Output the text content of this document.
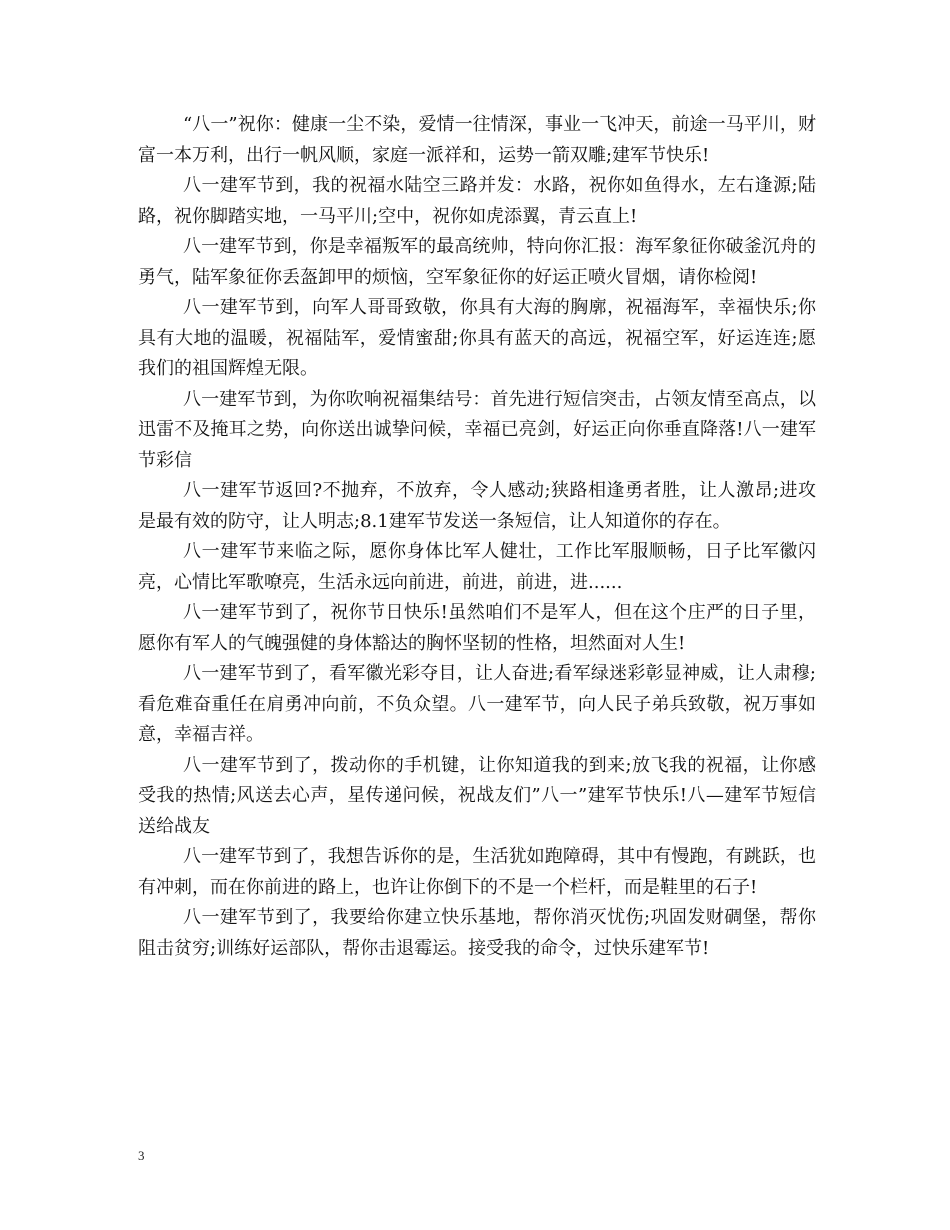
“八一”祝你：健康一尘不染，爱情一往情深，事业一飞冲天，前途一马平川，财富一本万利，出行一帆风顺，家庭一派祥和，运势一箭双雕;建军节快乐!

八一建军节到，我的祝福水陆空三路并发：水路，祝你如鱼得水，左右逢源;陆路，祝你脚踏实地，一马平川;空中，祝你如虎添翼，青云直上!

八一建军节到，你是幸福叛军的最高统帅，特向你汇报：海军象征你破釜沉舟的勇气，陆军象征你丢盔卸甲的烦恼，空军象征你的好运正喷火冒烟，请你检阅!

八一建军节到，向军人哥哥致敬，你具有大海的胸廓，祝福海军，幸福快乐;你具有大地的温暖，祝福陆军，爱情蜜甜;你具有蓝天的高远，祝福空军，好运连连;愿我们的祖国辉煌无限。

八一建军节到，为你吹响祝福集结号：首先进行短信突击，占领友情至高点，以迅雷不及掩耳之势，向你送出诚挚问候，幸福已亮剑，好运正向你垂直降落!八一建军节彩信

八一建军节返回?不抛弃，不放弃，令人感动;狭路相逢勇者胜，让人激昂;进攻是最有效的防守，让人明志;8.1建军节发送一条短信，让人知道你的存在。

八一建军节来临之际，愿你身体比军人健壮，工作比军服顺畅，日子比军徽闪亮，心情比军歌嘹亮，生活永远向前进，前进，前进，进......

八一建军节到了，祝你节日快乐!虽然咱们不是军人，但在这个庄严的日子里，愿你有军人的气魄强健的身体豁达的胸怀坚韧的性格，坦然面对人生!

八一建军节到了，看军徽光彩夺目，让人奋进;看军绿迷彩彰显神威，让人肃穆;看危难奋重任在肩勇冲向前，不负众望。八一建军节，向人民子弟兵致敬，祝万事如意，幸福吉祥。

八一建军节到了，拨动你的手机键，让你知道我的到来;放飞我的祝福，让你感受我的热情;风送去心声，星传递问候，祝战友们”八一”建军节快乐!八—建军节短信送给战友

八一建军节到了，我想告诉你的是，生活犹如跑障碍，其中有慢跑，有跳跃，也有冲刺，而在你前进的路上，也许让你倒下的不是一个栏杆，而是鞋里的石子!

八一建军节到了，我要给你建立快乐基地，帮你消灭忧伤;巩固发财碉堡，帮你阻击贫穷;训练好运部队，帮你击退霉运。接受我的命令，过快乐建军节!

3
